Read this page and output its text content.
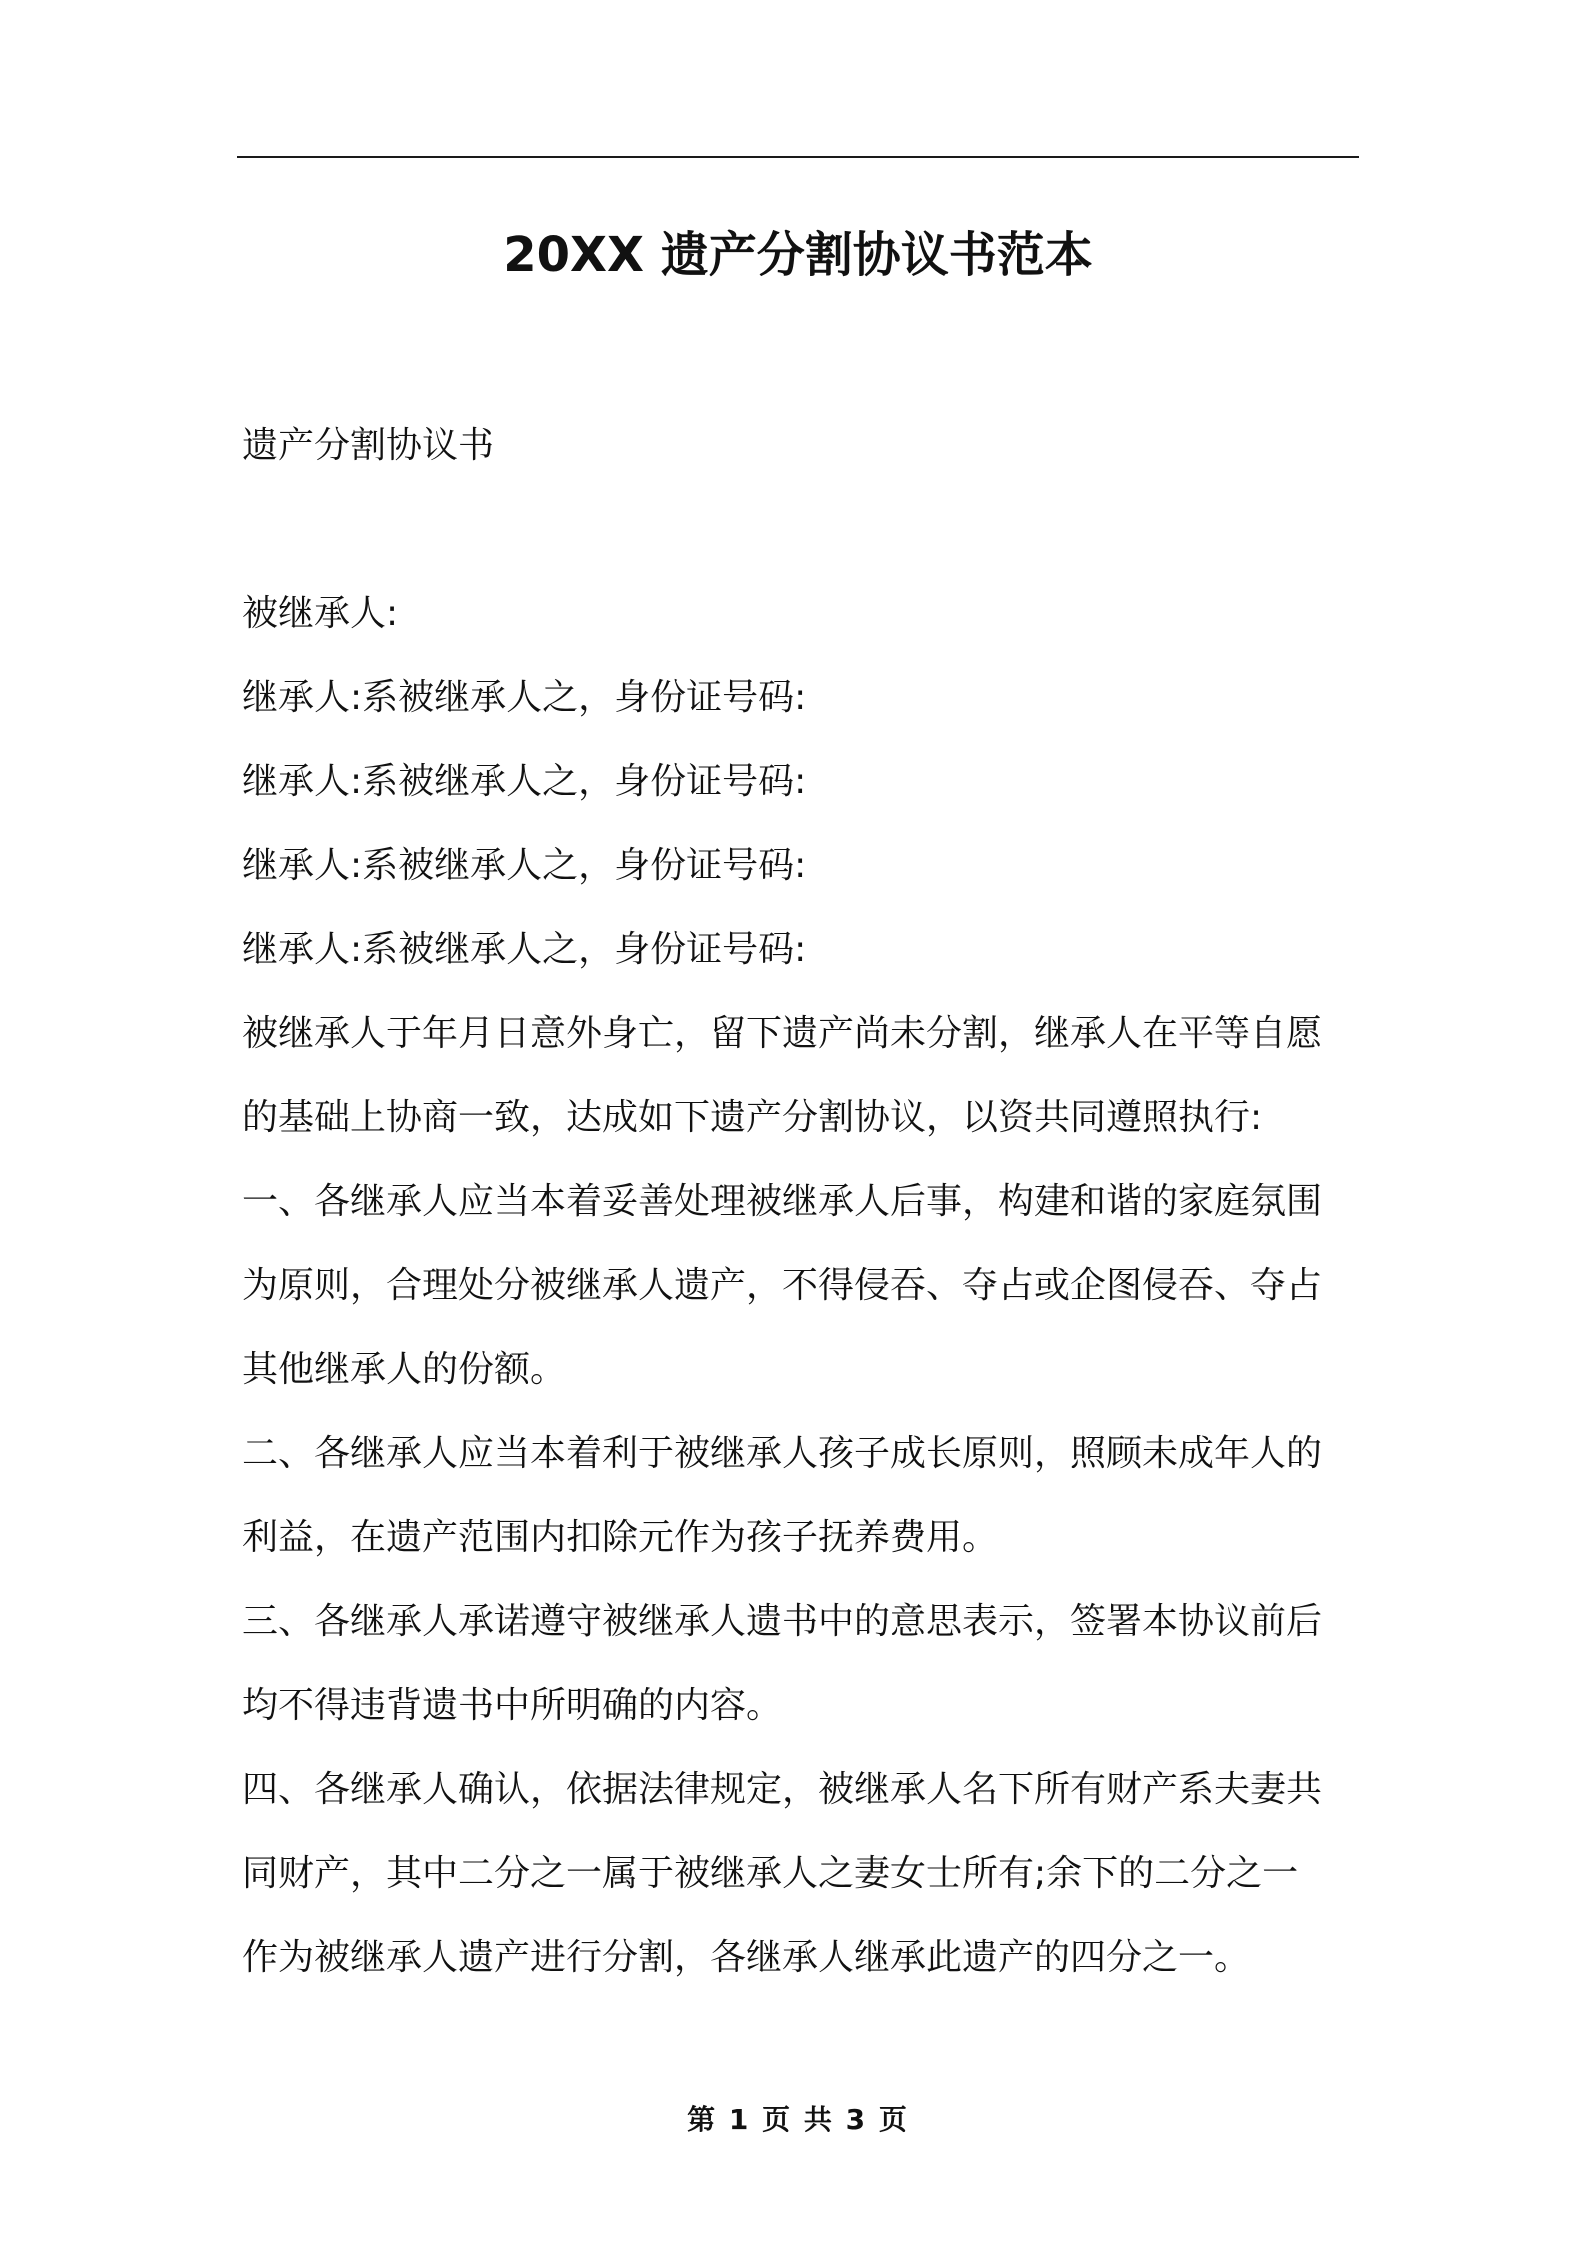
20XX 遗产分割协议书范本

遗产分割协议书

被继承人:

继承人:系被继承人之，身份证号码:

继承人:系被继承人之，身份证号码:

继承人:系被继承人之，身份证号码:

继承人:系被继承人之，身份证号码:

被继承人于年月日意外身亡，留下遗产尚未分割，继承人在平等自愿
的基础上协商一致，达成如下遗产分割协议，以资共同遵照执行:

一、各继承人应当本着妥善处理被继承人后事，构建和谐的家庭氛围
为原则，合理处分被继承人遗产，不得侵吞、夺占或企图侵吞、夺占
其他继承人的份额。

二、各继承人应当本着利于被继承人孩子成长原则，照顾未成年人的
利益，在遗产范围内扣除元作为孩子抚养费用。

三、各继承人承诺遵守被继承人遗书中的意思表示，签署本协议前后
均不得违背遗书中所明确的内容。

四、各继承人确认，依据法律规定，被继承人名下所有财产系夫妻共
同财产，其中二分之一属于被继承人之妻女士所有;余下的二分之一
作为被继承人遗产进行分割，各继承人继承此遗产的四分之一。

第 1 页 共 3 页
